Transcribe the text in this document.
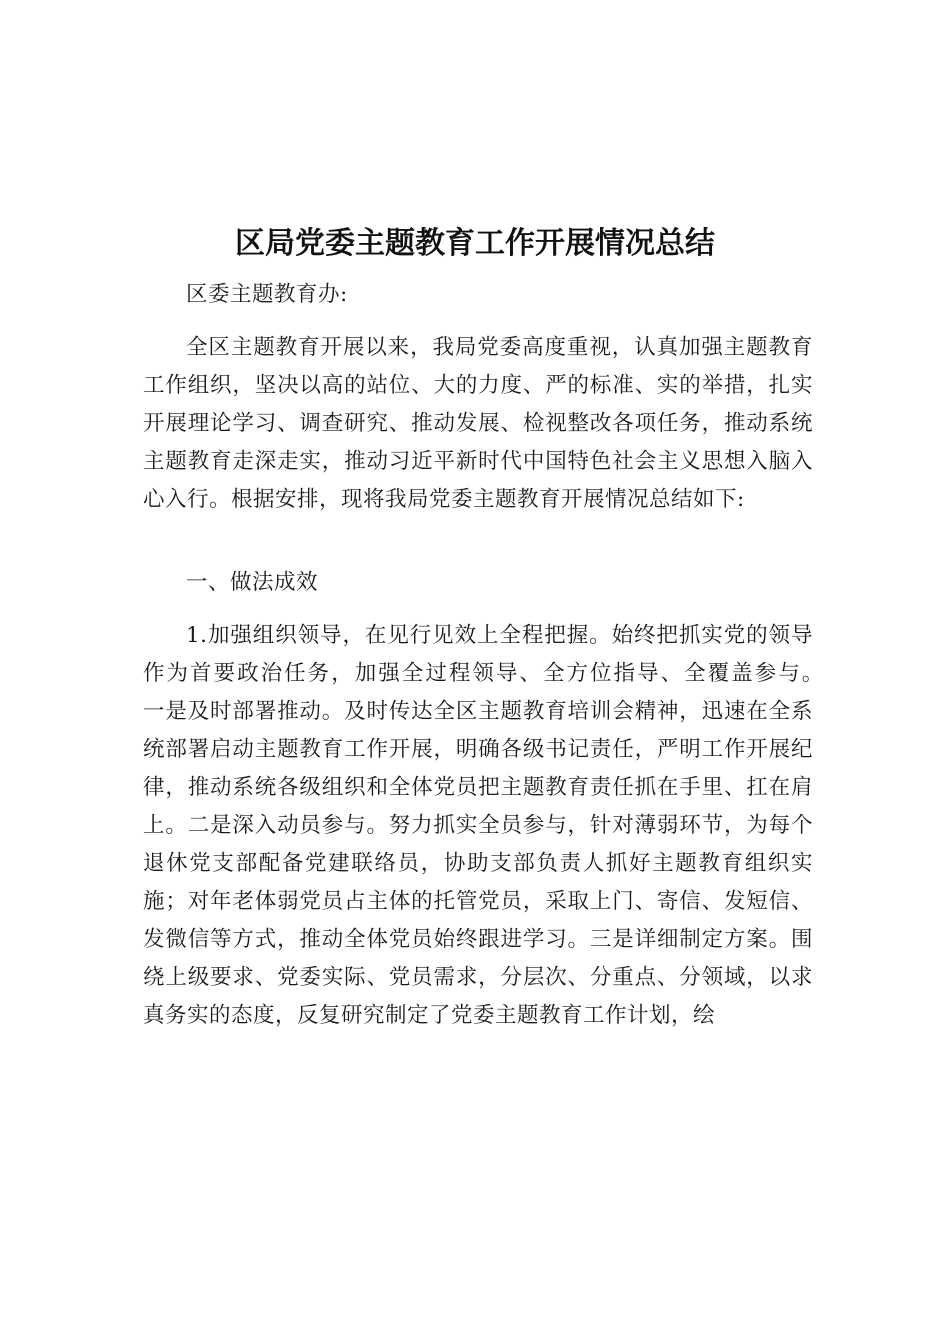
区局党委主题教育工作开展情况总结

区委主题教育办:

全区主题教育开展以来，我局党委高度重视，认真加强主题教育工作组织，坚决以高的站位、大的力度、严的标准、实的举措，扎实开展理论学习、调查研究、推动发展、检视整改各项任务，推动系统主题教育走深走实，推动习近平新时代中国特色社会主义思想入脑入心入行。根据安排，现将我局党委主题教育开展情况总结如下:

一、做法成效

1.加强组织领导，在见行见效上全程把握。始终把抓实党的领导作为首要政治任务，加强全过程领导、全方位指导、全覆盖参与。　一是及时部署推动。及时传达全区主题教育培训会精神，迅速在全系统部署启动主题教育工作开展，明确各级书记责任，严明工作开展纪律，推动系统各级组织和全体党员把主题教育责任抓在手里、扛在肩上。二是深入动员参与。努力抓实全员参与，针对薄弱环节，为每个退休党支部配备党建联络员，协助支部负责人抓好主题教育组织实施；对年老体弱党员占主体的托管党员，采取上门、寄信、发短信、发微信等方式，推动全体党员始终跟进学习。三是详细制定方案。围绕上级要求、党委实际、党员需求，分层次、分重点、分领域，以求真务实的态度，反复研究制定了党委主题教育工作计划，绘
